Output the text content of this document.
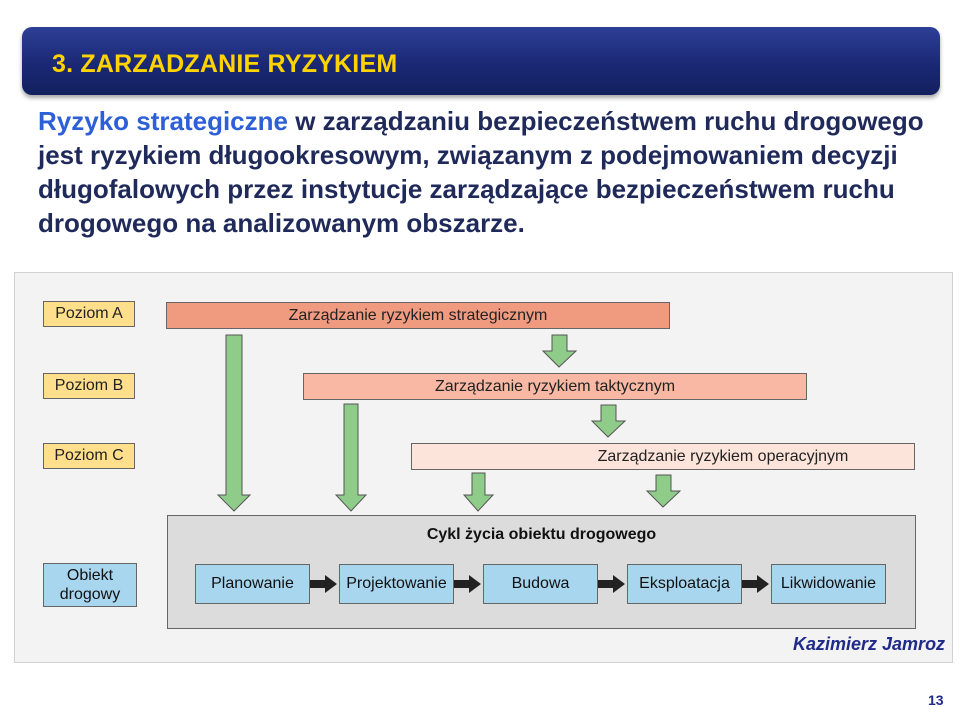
3. ZARZADZANIE RYZYKIEM
Ryzyko strategiczne w zarządzaniu bezpieczeństwem ruchu drogowego jest ryzykiem długookresowym, związanym z podejmowaniem decyzji długofalowych przez instytucje zarządzające bezpieczeństwem ruchu drogowego na analizowanym obszarze.
Poziom A
Poziom B
Poziom C
Zarządzanie ryzykiem strategicznym
Zarządzanie ryzykiem taktycznym
Zarządzanie ryzykiem operacyjnym
Cykl życia obiektu drogowego
Obiekt drogowy
Planowanie	Projektowanie	Budowa	Eksploatacja	Likwidowanie
Kazimierz Jamroz
13
